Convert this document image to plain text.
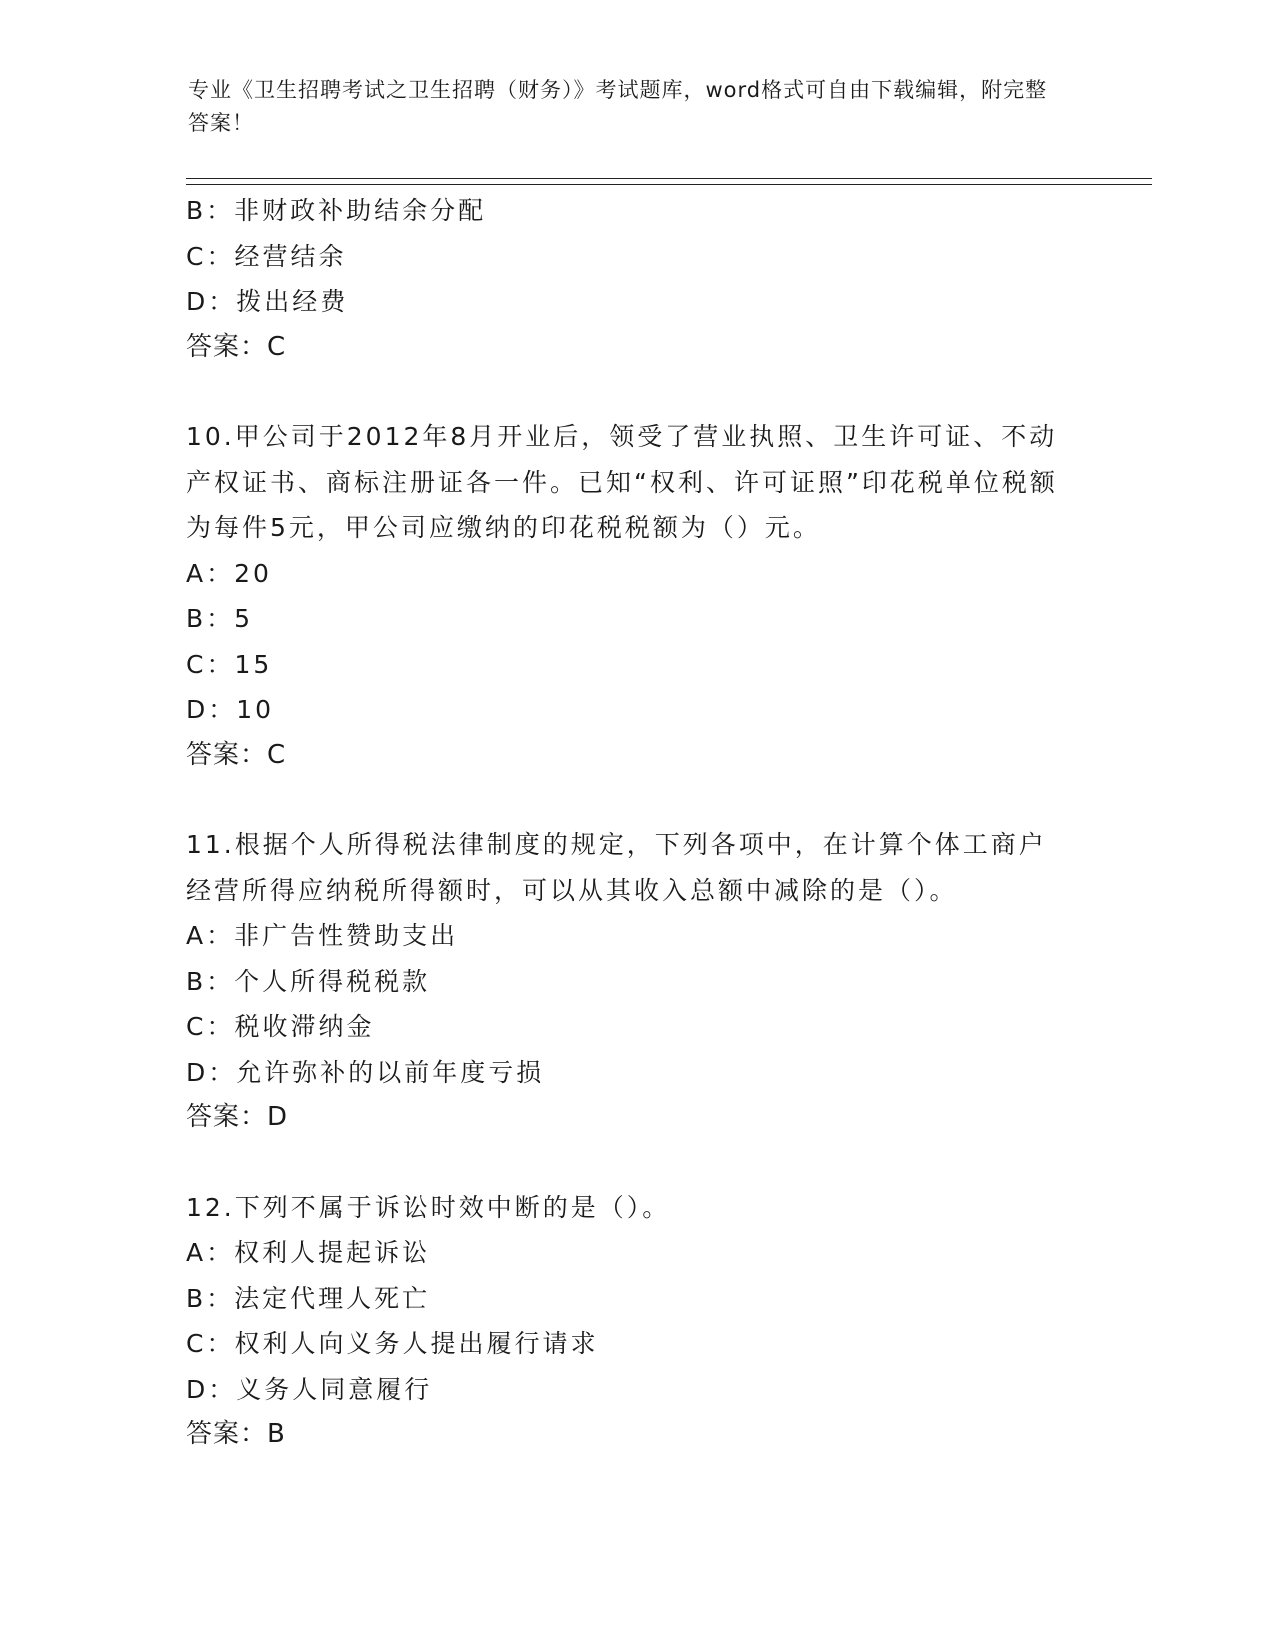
专业《卫生招聘考试之卫生招聘（财务）》考试题库，word格式可自由下载编辑，附完整答案！
B：非财政补助结余分配
C：经营结余
D：拨出经费
答案：C
10.甲公司于2012年8月开业后，领受了营业执照、卫生许可证、不动产权证书、商标注册证各一件。已知“权利、许可证照”印花税单位税额为每件5元，甲公司应缴纳的印花税税额为（）元。
A：20
B：5
C：15
D：10
答案：C
11.根据个人所得税法律制度的规定，下列各项中，在计算个体工商户经营所得应纳税所得额时，可以从其收入总额中减除的是（）。
A：非广告性赞助支出
B：个人所得税税款
C：税收滞纳金
D：允许弥补的以前年度亏损
答案：D
12.下列不属于诉讼时效中断的是（）。
A：权利人提起诉讼
B：法定代理人死亡
C：权利人向义务人提出履行请求
D：义务人同意履行
答案：B
